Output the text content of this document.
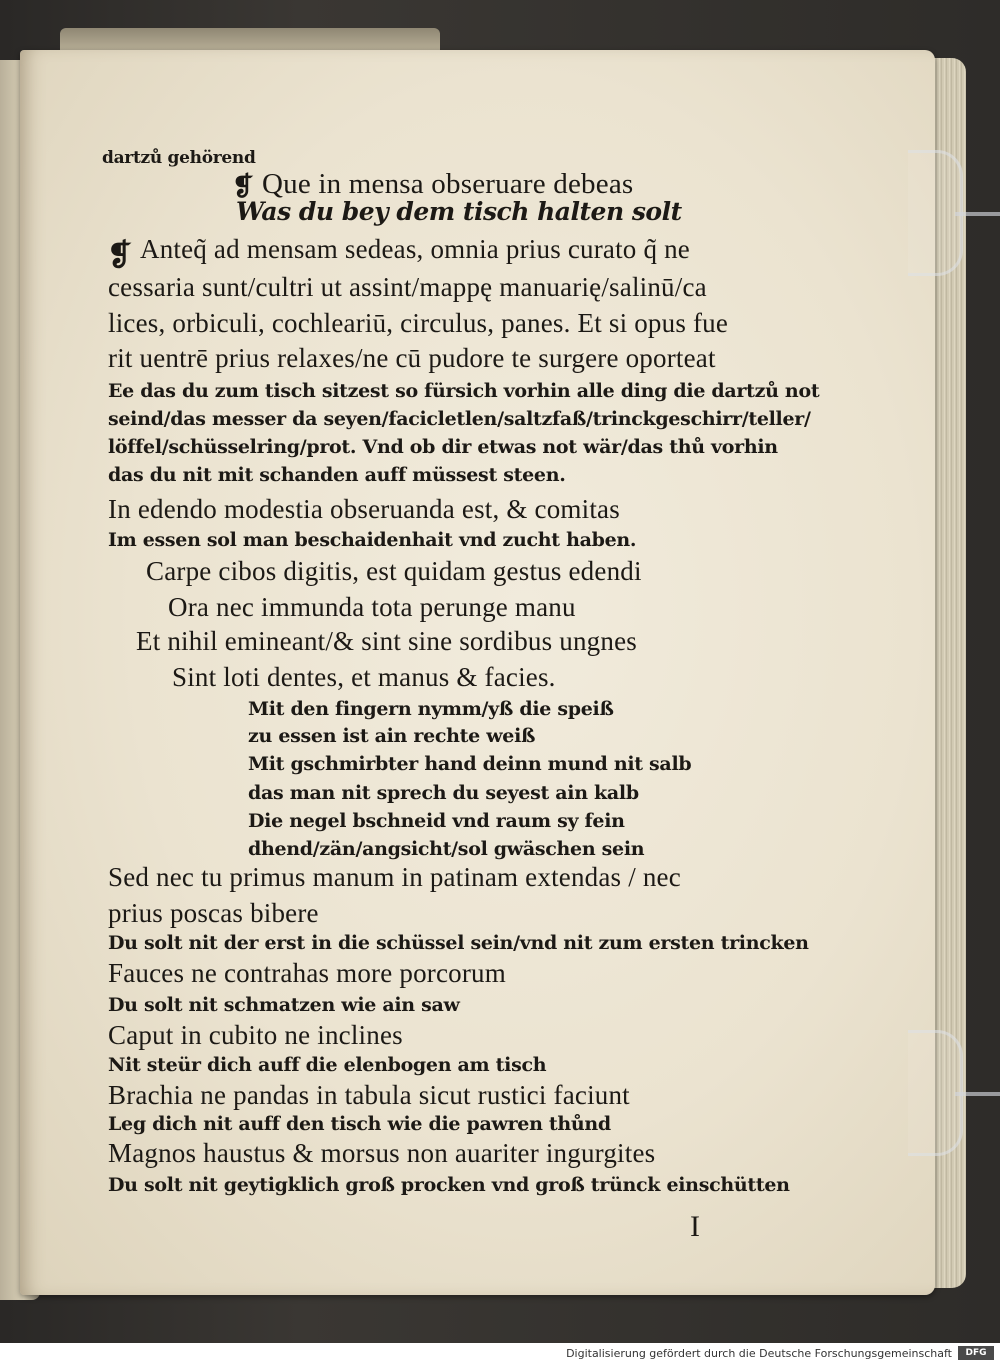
dartzů gehörend
❡ Que in mensa obseruare debeas
Was du bey dem tisch halten solt
❡ Anteq̃ ad mensam sedeas, omnia prius curato q̃ ne
cessaria sunt/cultri ut assint/mappę manuarię/salinū/ca
lices, orbiculi, cochleariū, circulus, panes. Et si opus fue
rit uentrē prius relaxes/ne cū pudore te surgere oporteat
Ee das du zum tisch sitzest so fürsich vorhin alle ding die dartzů not
seind/das messer da seyen/facicletlen/saltzfaß/trinckgeschirr/teller/
löffel/schüsselring/prot. Vnd ob dir etwas not wär/das thů vorhin
das du nit mit schanden auff müssest steen.
In edendo modestia obseruanda est, & comitas
Im essen sol man beschaidenhait vnd zucht haben.
Carpe cibos digitis, est quidam gestus edendi
Ora nec immunda tota perunge manu
Et nihil emineant/& sint sine sordibus ungnes
Sint loti dentes, et manus & facies.
Mit den fingern nymm/yß die speiß
zu essen ist ain rechte weiß
Mit gschmirbter hand deinn mund nit salb
das man nit sprech du seyest ain kalb
Die negel bschneid vnd raum sy fein
dhend/zän/angsicht/sol gwäschen sein
Sed nec tu primus manum in patinam extendas / nec
prius poscas bibere
Du solt nit der erst in die schüssel sein/vnd nit zum ersten trincken
Fauces ne contrahas more porcorum
Du solt nit schmatzen wie ain saw
Caput in cubito ne inclines
Nit steür dich auff die elenbogen am tisch
Brachia ne pandas in tabula sicut rustici faciunt
Leg dich nit auff den tisch wie die pawren thůnd
Magnos haustus & morsus non auariter ingurgites
Du solt nit geytigklich groß procken vnd groß trünck einschütten
I
Digitalisierung gefördert durch die Deutsche Forschungsgemeinschaft	DFG
